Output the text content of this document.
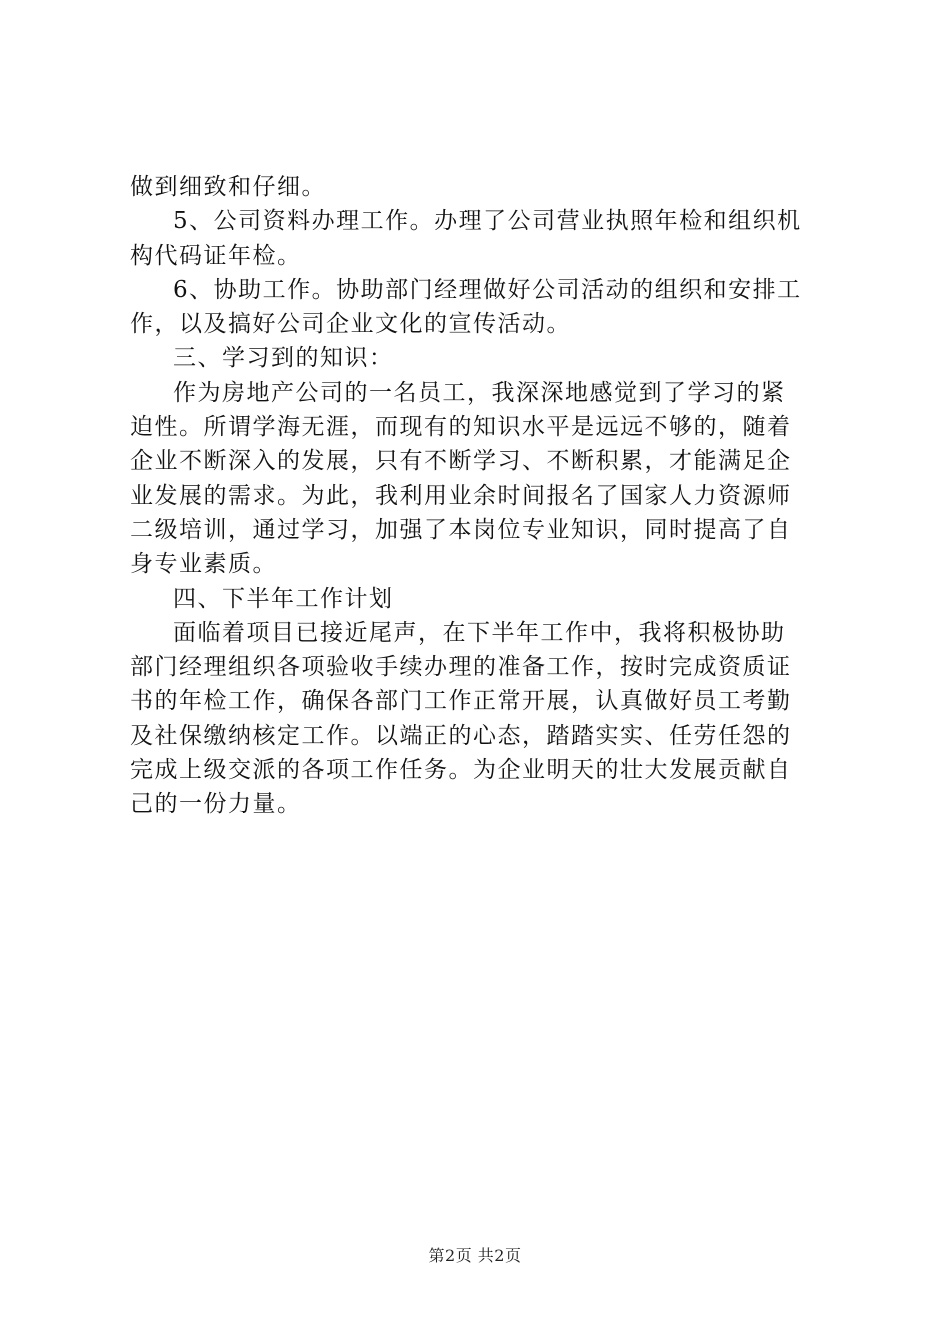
做到细致和仔细。
5、公司资料办理工作。办理了公司营业执照年检和组织机
构代码证年检。
6、协助工作。协助部门经理做好公司活动的组织和安排工
作，以及搞好公司企业文化的宣传活动。
三、学习到的知识：
作为房地产公司的一名员工，我深深地感觉到了学习的紧
迫性。所谓学海无涯，而现有的知识水平是远远不够的，随着
企业不断深入的发展，只有不断学习、不断积累，才能满足企
业发展的需求。为此，我利用业余时间报名了国家人力资源师
二级培训，通过学习，加强了本岗位专业知识，同时提高了自
身专业素质。
四、下半年工作计划
面临着项目已接近尾声，在下半年工作中，我将积极协助
部门经理组织各项验收手续办理的准备工作，按时完成资质证
书的年检工作，确保各部门工作正常开展，认真做好员工考勤
及社保缴纳核定工作。以端正的心态，踏踏实实、任劳任怨的
完成上级交派的各项工作任务。为企业明天的壮大发展贡献自
己的一份力量。
第2页 共2页
